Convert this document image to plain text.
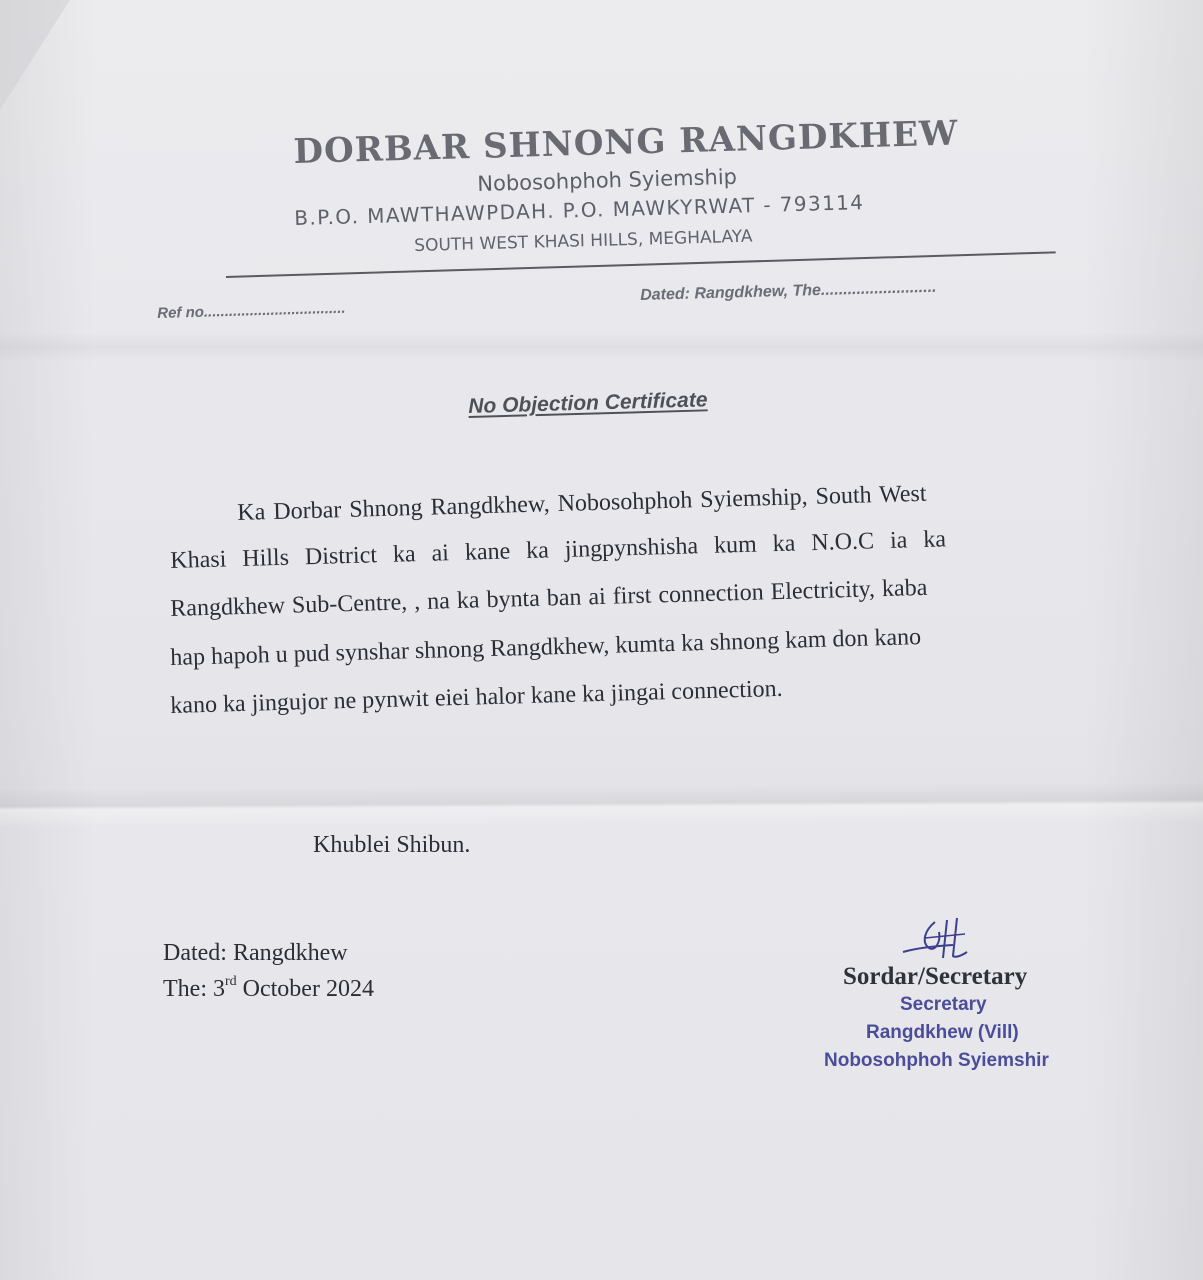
DORBAR SHNONG RANGDKHEW
Nobosohphoh Syiemship
B.P.O. MAWTHAWPDAH. P.O. MAWKYRWAT - 793114
SOUTH WEST KHASI HILLS, MEGHALAYA
Ref no..................................
Dated: Rangdkhew, The..........................
No Objection Certificate
Ka Dorbar Shnong Rangdkhew, Nobosohphoh Syiemship, South West
Khasi Hills District ka ai kane ka jingpynshisha kum ka N.O.C ia ka
Rangdkhew Sub-Centre, , na ka bynta ban ai first connection Electricity, kaba
hap hapoh u pud synshar shnong Rangdkhew, kumta ka shnong kam don kano
kano ka jingujor ne pynwit eiei halor kane ka jingai connection.
Khublei Shibun.
Dated: Rangdkhew
The: 3rd October 2024	Sordar/Secretary
Secretary
Rangdkhew (Vill)
Nobosohphoh Syiemshir
